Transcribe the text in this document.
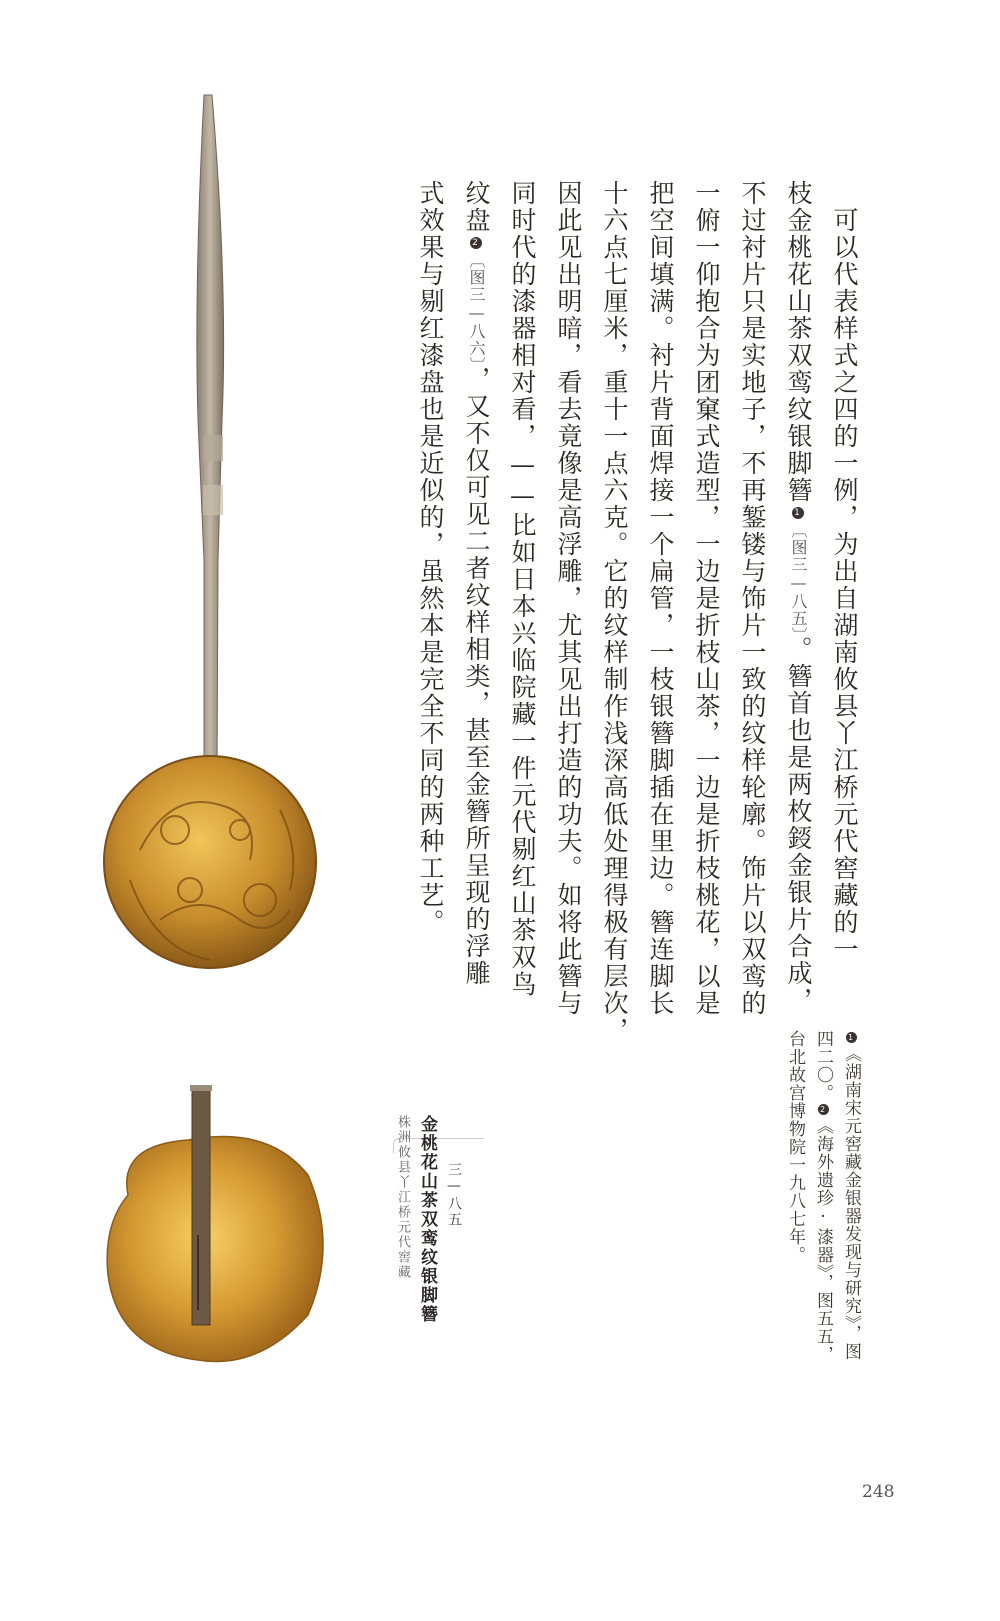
　可以代表样式之四的一例，为出自湖南攸县丫江桥元代窖藏的一
枝金桃花山茶双鸾纹银脚簪1〔图三—八五〕。簪首也是两枚鋄金银片合成，
不过衬片只是实地子，不再錾镂与饰片一致的纹样轮廓。饰片以双鸾的
一俯一仰抱合为团窠式造型，一边是折枝山茶，一边是折枝桃花，以是
把空间填满。衬片背面焊接一个扁管，一枝银簪脚插在里边。簪连脚长
十六点七厘米，重十一点六克。它的纹样制作浅深高低处理得极有层次，
因此见出明暗，看去竟像是高浮雕，尤其见出打造的功夫。如将此簪与
同时代的漆器相对看，——比如日本兴临院藏一件元代剔红山茶双鸟
纹盘2〔图三—八六〕，又不仅可见二者纹样相类，甚至金簪所呈现的浮雕
式效果与剔红漆盘也是近似的，虽然本是完全不同的两种工艺。
1《湖南宋元窖藏金银器发现与研究》，图
四二〇。2《海外遗珍·漆器》，图五五，
台北故宫博物院一九八七年。
三—八五
金桃花山茶双鸾纹银脚簪
株洲攸县丫江桥元代窖藏
248
